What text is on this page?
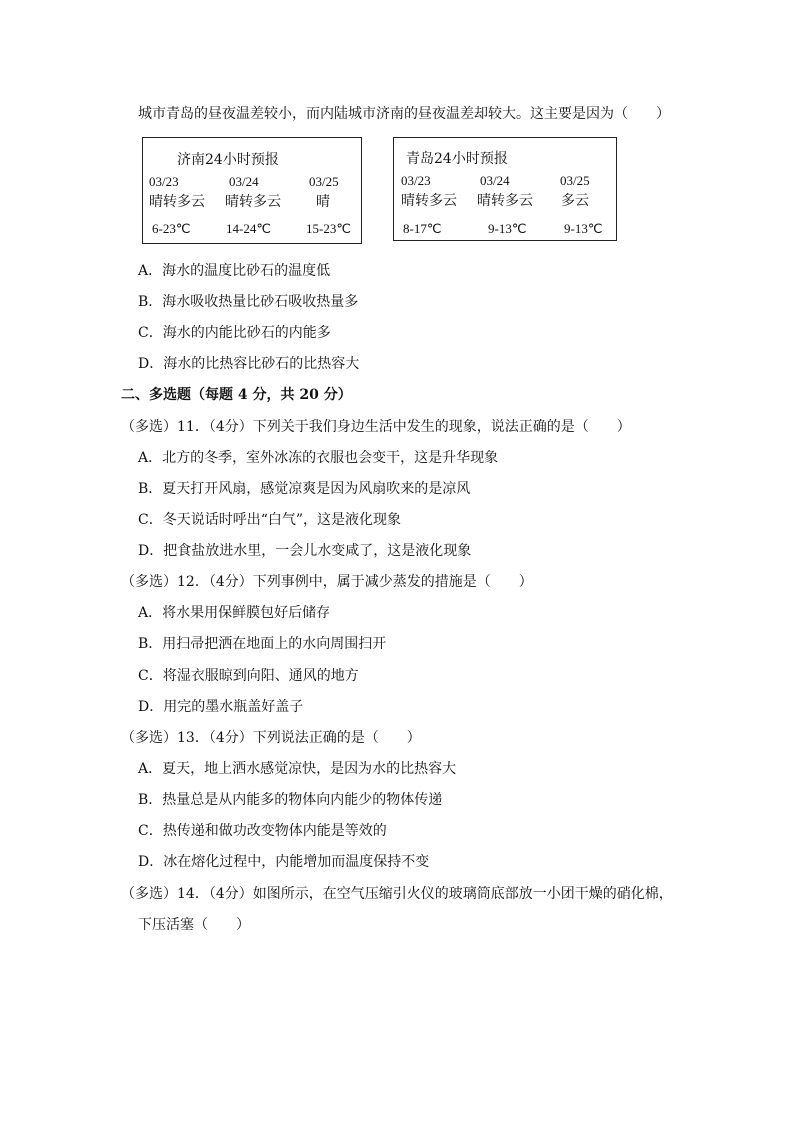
城市青岛的昼夜温差较小，而内陆城市济南的昼夜温差却较大。这主要是因为（　　）
济南24小时预报
03/23	03/24	03/25
晴转多云 晴转多云	晴
6-23℃	14-24℃	15-23℃
青岛24小时预报
03/23	03/24	03/25
晴转多云 晴转多云 多云
8-17℃	9-13℃	9-13℃
A．海水的温度比砂石的温度低
B．海水吸收热量比砂石吸收热量多
C．海水的内能比砂石的内能多
D．海水的比热容比砂石的比热容大
二、多选题（每题 4 分，共 20 分）
（多选）11．（4分）下列关于我们身边生活中发生的现象，说法正确的是（　　）
A．北方的冬季，室外冰冻的衣服也会变干，这是升华现象
B．夏天打开风扇，感觉凉爽是因为风扇吹来的是凉风
C．冬天说话时呼出“白气”，这是液化现象
D．把食盐放进水里，一会儿水变咸了，这是液化现象
（多选）12．（4分）下列事例中，属于减少蒸发的措施是（　　）
A．将水果用保鲜膜包好后储存
B．用扫帚把洒在地面上的水向周围扫开
C．将湿衣服晾到向阳、通风的地方
D．用完的墨水瓶盖好盖子
（多选）13．（4分）下列说法正确的是（　　）
A．夏天，地上洒水感觉凉快，是因为水的比热容大
B．热量总是从内能多的物体向内能少的物体传递
C．热传递和做功改变物体内能是等效的
D．冰在熔化过程中，内能增加而温度保持不变
（多选）14．（4分）如图所示，在空气压缩引火仪的玻璃筒底部放一小团干燥的硝化棉，
下压活塞（　　）
